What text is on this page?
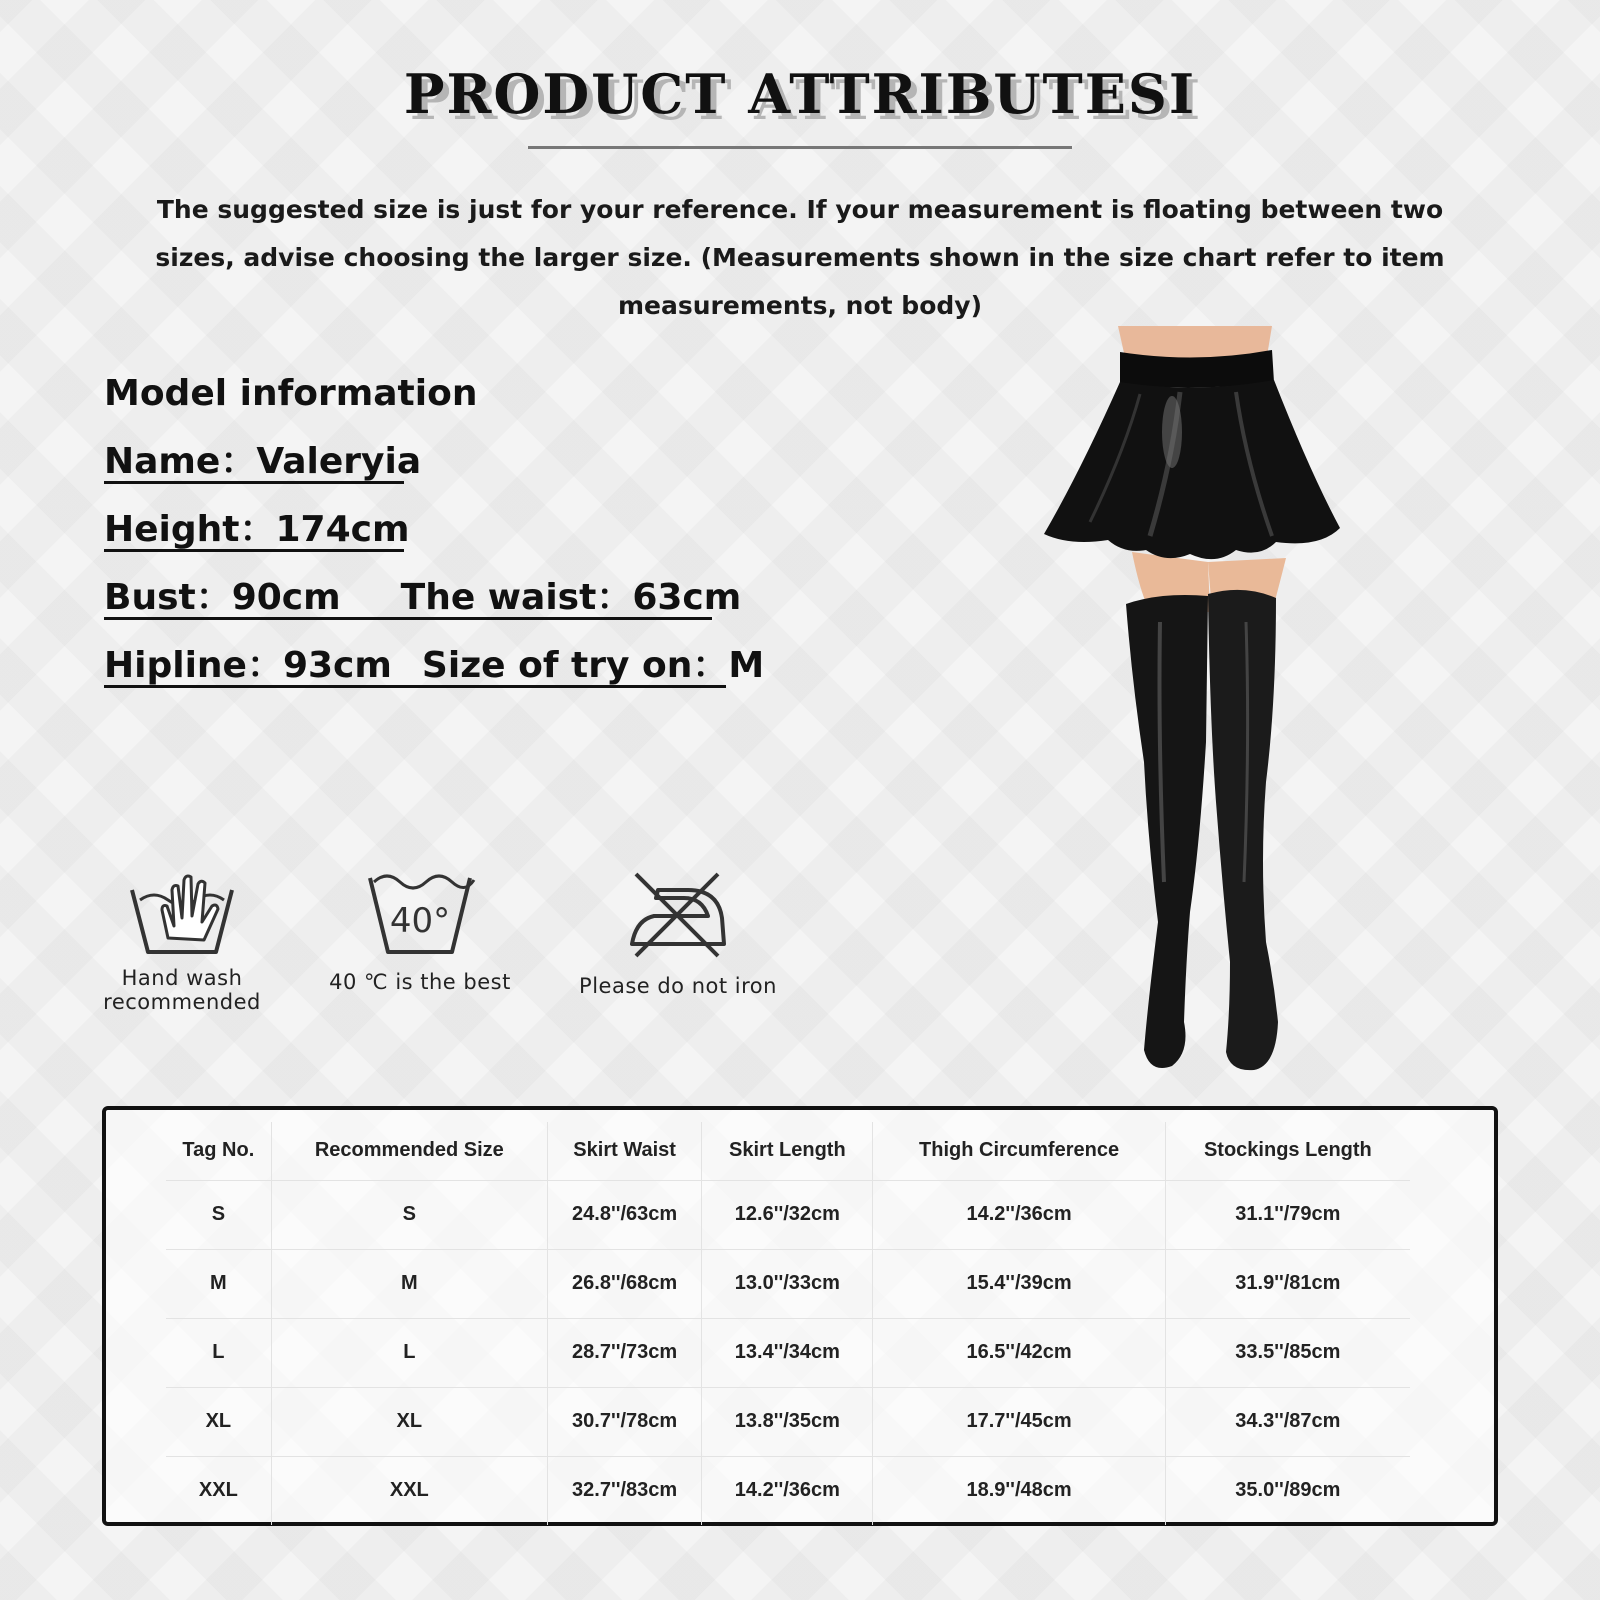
PRODUCT ATTRIBUTESI
The suggested size is just for your reference. If your measurement is floating between two sizes, advise choosing the larger size. (Measurements shown in the size chart refer to item measurements, not body)
Model information
Name：Valeryia
Height：174cm
Bust：90cm The waist：63cm
Hipline：93cm Size of try on：M
Hand wash recommended
40°
40 ℃ is the best	Please do not iron
Tag No.	Recommended Size	Skirt Waist	Skirt Length	Thigh Circumference	Stockings Length
S	S	24.8''/63cm	12.6''/32cm	14.2''/36cm	31.1''/79cm
M	M	26.8''/68cm	13.0''/33cm	15.4''/39cm	31.9''/81cm
L	L	28.7''/73cm	13.4''/34cm	16.5''/42cm	33.5''/85cm
XL	XL	30.7''/78cm	13.8''/35cm	17.7''/45cm	34.3''/87cm
XXL	XXL	32.7''/83cm	14.2''/36cm	18.9''/48cm	35.0''/89cm
